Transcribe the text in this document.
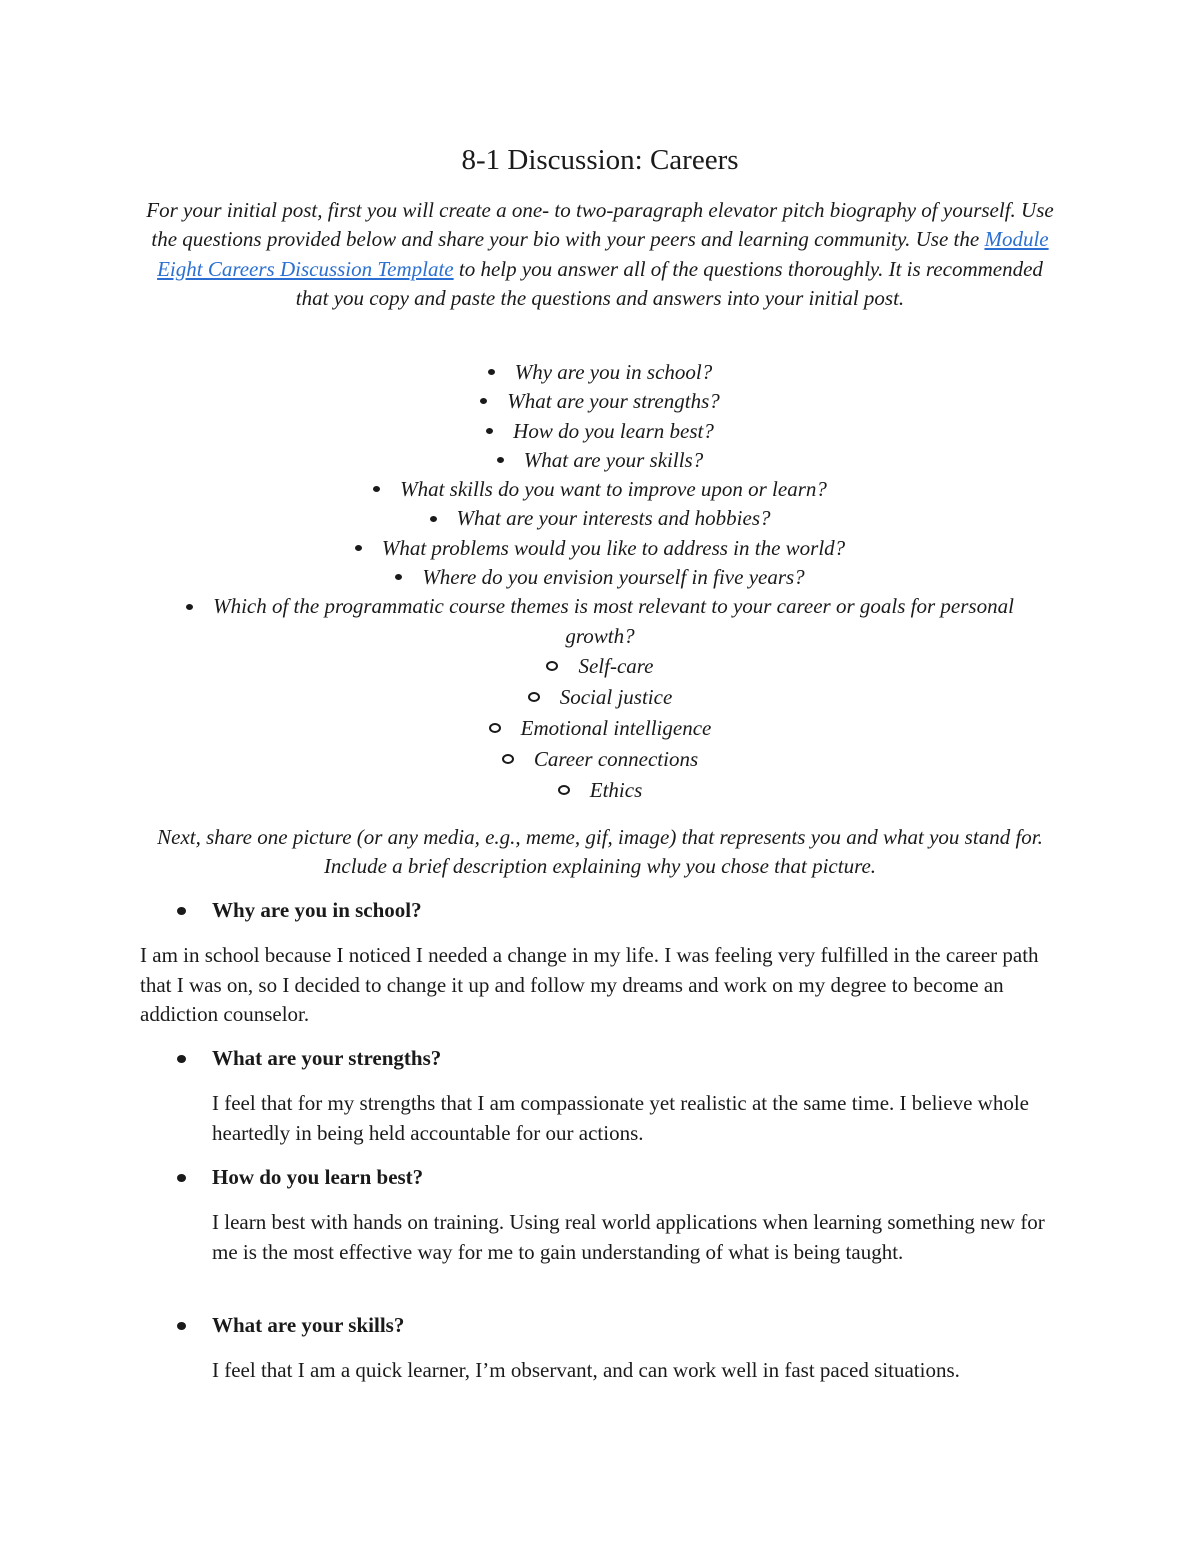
8-1 Discussion: Careers

For your initial post, first you will create a one- to two-paragraph elevator pitch biography of yourself. Use the questions provided below and share your bio with your peers and learning community. Use the Module Eight Careers Discussion Template to help you answer all of the questions thoroughly. It is recommended that you copy and paste the questions and answers into your initial post.

Why are you in school?
What are your strengths?
How do you learn best?
What are your skills?
What skills do you want to improve upon or learn?
What are your interests and hobbies?
What problems would you like to address in the world?
Where do you envision yourself in five years?
Which of the programmatic course themes is most relevant to your career or goals for personal growth?
Self-care
Social justice
Emotional intelligence
Career connections
Ethics

Next, share one picture (or any media, e.g., meme, gif, image) that represents you and what you stand for. Include a brief description explaining why you chose that picture.

Why are you in school?

I am in school because I noticed I needed a change in my life. I was feeling very fulfilled in the career path that I was on, so I decided to change it up and follow my dreams and work on my degree to become an addiction counselor.

What are your strengths?

I feel that for my strengths that I am compassionate yet realistic at the same time. I believe whole heartedly in being held accountable for our actions.

How do you learn best?

I learn best with hands on training. Using real world applications when learning something new for me is the most effective way for me to gain understanding of what is being taught.

What are your skills?

I feel that I am a quick learner, I’m observant, and can work well in fast paced situations.
